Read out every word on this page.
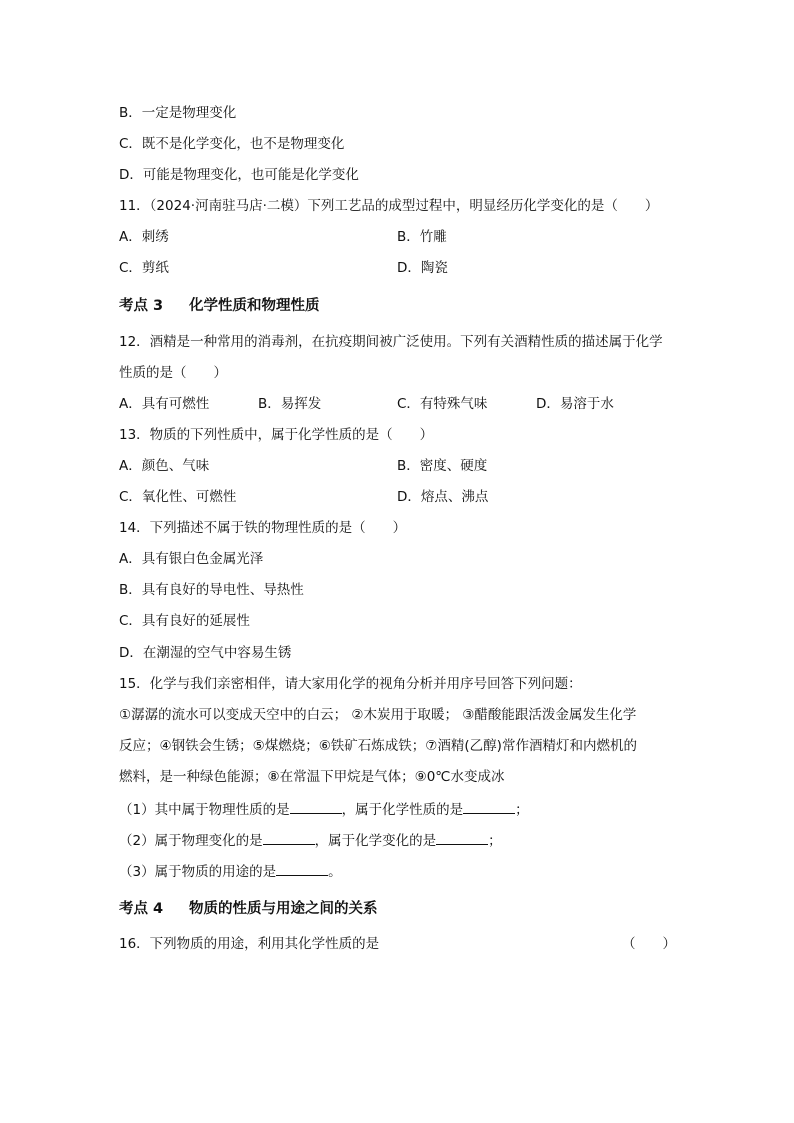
B．一定是物理变化
C．既不是化学变化，也不是物理变化
D．可能是物理变化，也可能是化学变化
11．（2024·河南驻马店·二模）下列工艺品的成型过程中，明显经历化学变化的是（　　）
A．刺绣	B．竹雕
C．剪纸	D．陶瓷
考点 3 化学性质和物理性质
12．酒精是一种常用的消毒剂，在抗疫期间被广泛使用。下列有关酒精性质的描述属于化学
性质的是（　　）
A．具有可燃性	B．易挥发	C．有特殊气味	D．易溶于水
13．物质的下列性质中，属于化学性质的是（　　）
A．颜色、气味	B．密度、硬度
C．氧化性、可燃性	D．熔点、沸点
14．下列描述不属于铁的物理性质的是（　　）
A．具有银白色金属光泽
B．具有良好的导电性、导热性
C．具有良好的延展性
D．在潮湿的空气中容易生锈
15．化学与我们亲密相伴，请大家用化学的视角分析并用序号回答下列问题：
①潺潺的流水可以变成天空中的白云； ②木炭用于取暖； ③醋酸能跟活泼金属发生化学
反应；④钢铁会生锈；⑤煤燃烧；⑥铁矿石炼成铁；⑦酒精(乙醇)常作酒精灯和内燃机的
燃料，是一种绿色能源；⑧在常温下甲烷是气体；⑨0℃水变成冰
（1）其中属于物理性质的是	，属于化学性质的是	；
（2）属于物理变化的是	，属于化学变化的是	；
（3）属于物质的用途的是	。
考点 4 物质的性质与用途之间的关系
16．下列物质的用途，利用其化学性质的是	（　　）
